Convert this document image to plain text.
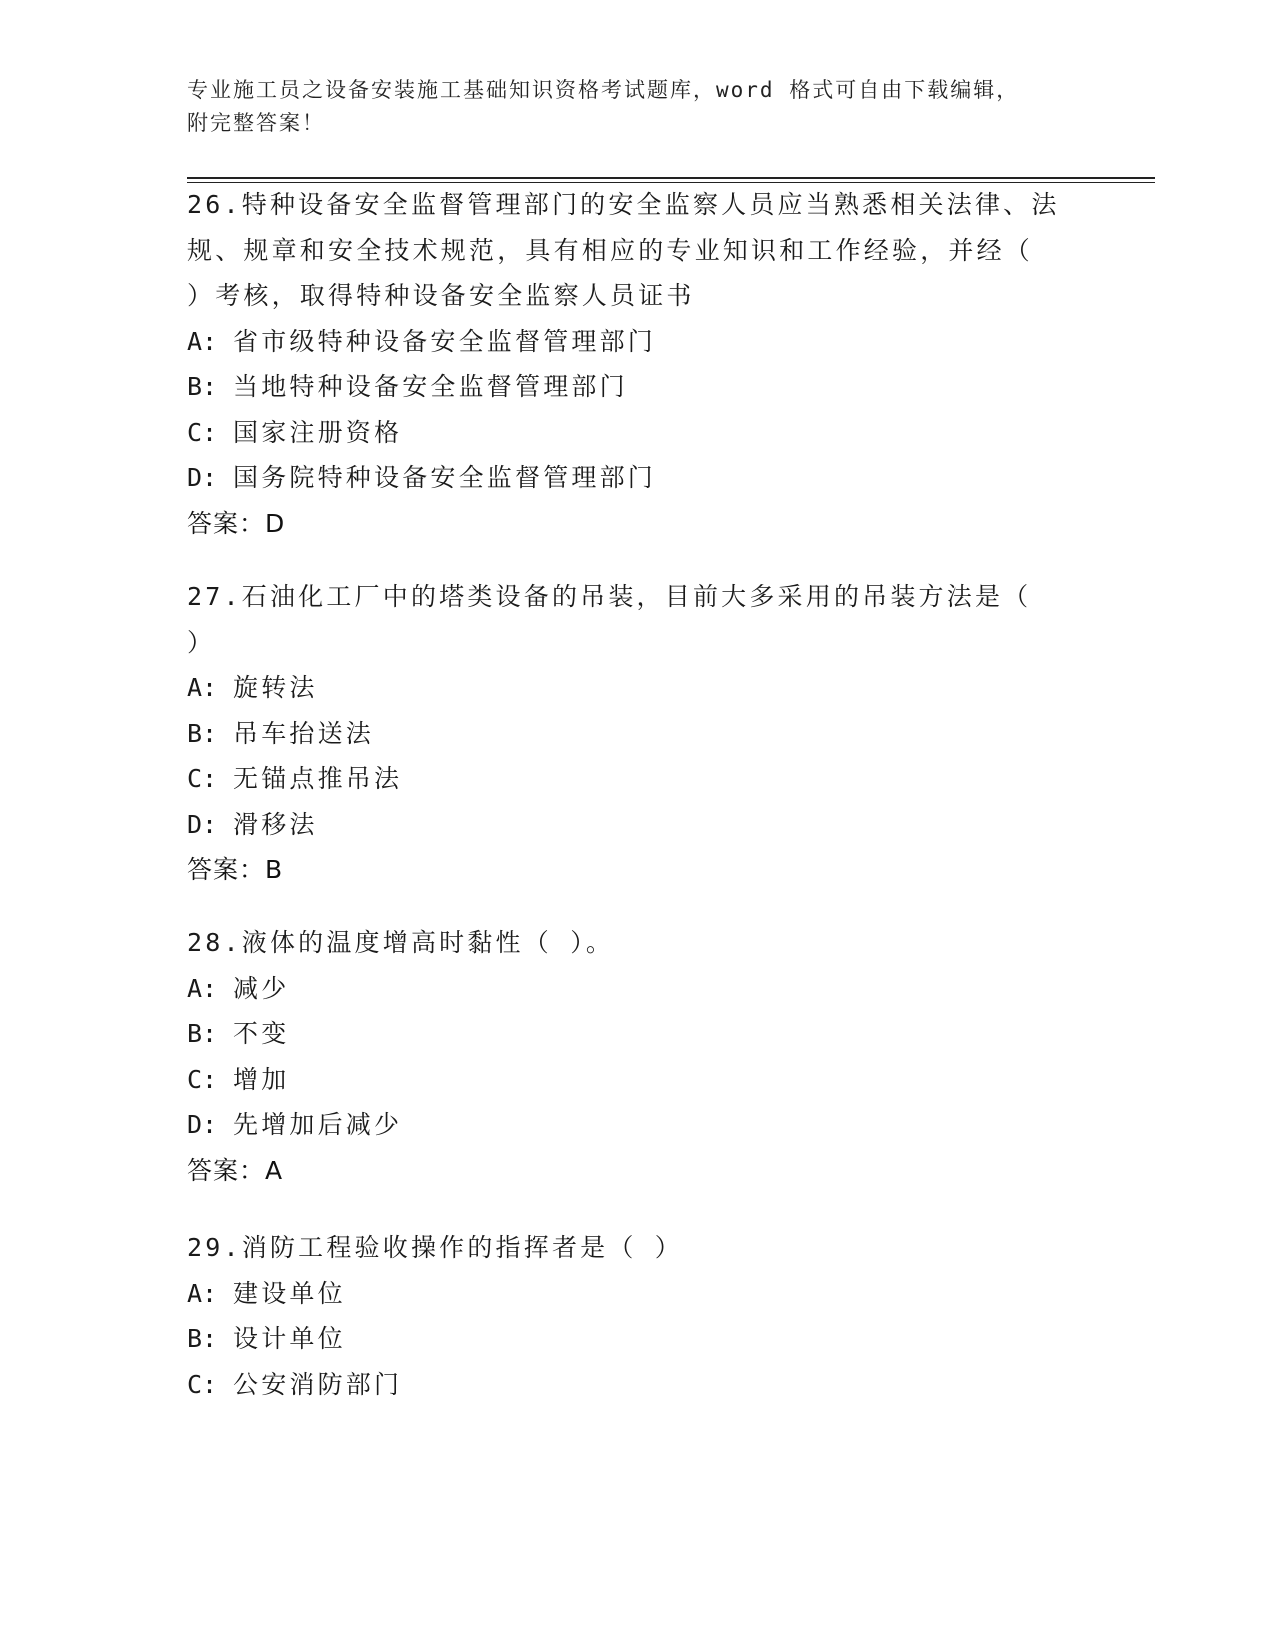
专业施工员之设备安装施工基础知识资格考试题库，word 格式可自由下载编辑，
附完整答案！
26.特种设备安全监督管理部门的安全监察人员应当熟悉相关法律、法
规、规章和安全技术规范，具有相应的专业知识和工作经验，并经（
）考核，取得特种设备安全监察人员证书
A: 省市级特种设备安全监督管理部门
B: 当地特种设备安全监督管理部门
C: 国家注册资格
D: 国务院特种设备安全监督管理部门
答案：D
27.石油化工厂中的塔类设备的吊装，目前大多采用的吊装方法是（
）
A: 旋转法
B: 吊车抬送法
C: 无锚点推吊法
D: 滑移法
答案：B
28.液体的温度增高时黏性（ ）。
A: 减少
B: 不变
C: 增加
D: 先增加后减少
答案：A
29.消防工程验收操作的指挥者是（ ）
A: 建设单位
B: 设计单位
C: 公安消防部门
